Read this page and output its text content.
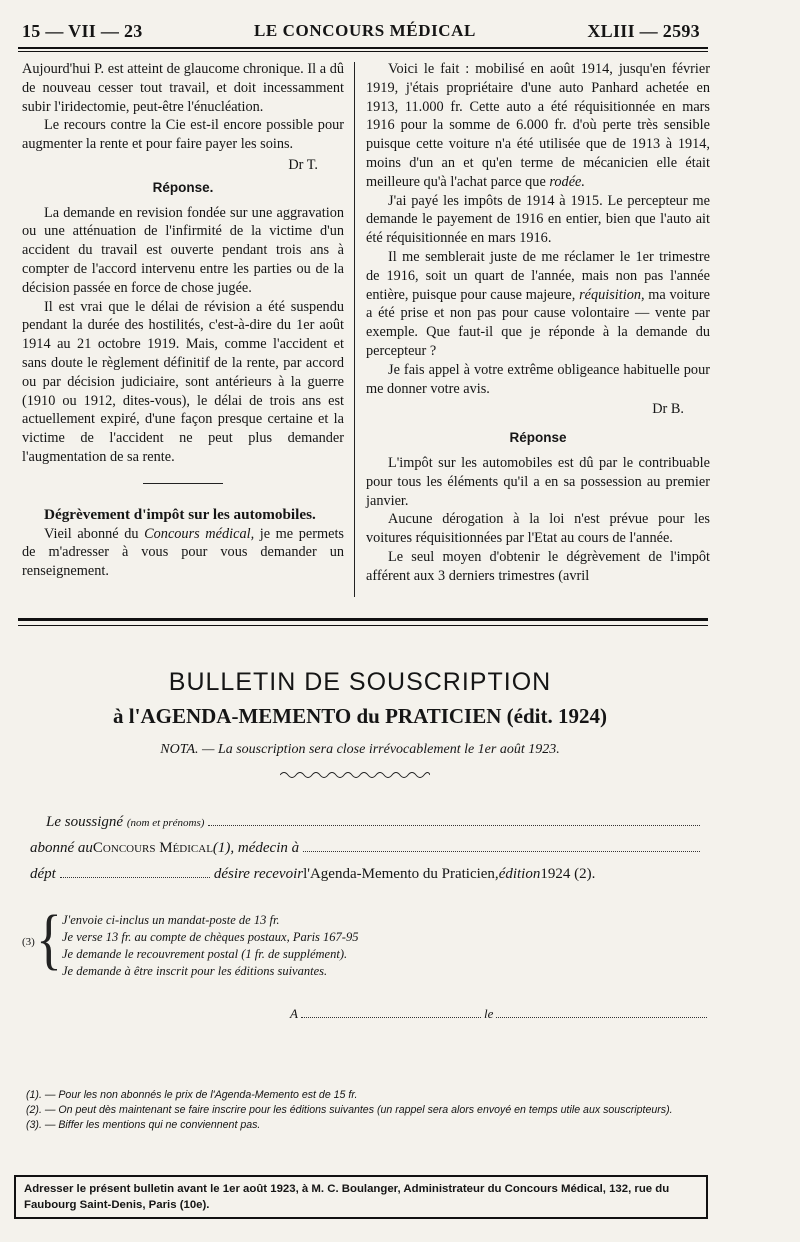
15 — VII — 23	LE CONCOURS MÉDICAL	XLIII — 2593

Aujourd'hui P. est atteint de glaucome chronique. Il a dû de nouveau cesser tout travail, et doit incessamment subir l'iridectomie, peut-être l'énucléation.

Le recours contre la Cie est-il encore possible pour augmenter la rente et pour faire payer les soins.

Dr T.
Réponse.

La demande en revision fondée sur une aggravation ou une atténuation de l'infirmité de la victime d'un accident du travail est ouverte pendant trois ans à compter de l'accord intervenu entre les parties ou de la décision passée en force de chose jugée.

Il est vrai que le délai de révision a été suspendu pendant la durée des hostilités, c'est-à-dire du 1er août 1914 au 21 octobre 1919. Mais, comme l'accident et sans doute le règlement définitif de la rente, par accord ou par décision judiciaire, sont antérieurs à la guerre (1910 ou 1912, dites-vous), le délai de trois ans est actuellement expiré, d'une façon presque certaine et la victime de l'accident ne peut plus demander l'augmentation de sa rente.

Dégrèvement d'impôt sur les automobiles.

Vieil abonné du Concours médical, je me permets de m'adresser à vous pour vous demander un renseignement.

Voici le fait : mobilisé en août 1914, jusqu'en février 1919, j'étais propriétaire d'une auto Panhard achetée en 1913, 11.000 fr. Cette auto a été réquisitionnée en mars 1916 pour la somme de 6.000 fr. d'où perte très sensible puisque cette voiture n'a été utilisée que de 1913 à 1914, moins d'un an et qu'en terme de mécanicien elle était meilleure qu'à l'achat parce que rodée.

J'ai payé les impôts de 1914 à 1915. Le percepteur me demande le payement de 1916 en entier, bien que l'auto ait été réquisitionnée en mars 1916.

Il me semblerait juste de me réclamer le 1er trimestre de 1916, soit un quart de l'année, mais non pas l'année entière, puisque pour cause majeure, réquisition, ma voiture a été prise et non pas pour cause volontaire — vente par exemple. Que faut-il que je réponde à la demande du percepteur ?

Je fais appel à votre extrême obligeance habituelle pour me donner votre avis.

Dr B.
Réponse

L'impôt sur les automobiles est dû par le contribuable pour tous les éléments qu'il a en sa possession au premier janvier.

Aucune dérogation à la loi n'est prévue pour les voitures réquisitionnées par l'Etat au cours de l'année.

Le seul moyen d'obtenir le dégrèvement de l'impôt afférent aux 3 derniers trimestres (avril

BULLETIN DE SOUSCRIPTION
à l'AGENDA-MEMENTO du PRATICIEN (édit. 1924)
NOTA. — La souscription sera close irrévocablement le 1er août 1923.
Le soussigné
(nom et prénoms)
abonné au Concours Médical (1), médecin à
dépt	désire recevoir l'Agenda-Memento du Praticien, édition 1924 (2).
(3) { J'envoie ci-inclus un mandat-poste de 13 fr.
Je verse 13 fr. au compte de chèques postaux, Paris 167-95
Je demande le recouvrement postal (1 fr. de supplément).
Je demande à être inscrit pour les éditions suivantes.
A	le
(1). — Pour les non abonnés le prix de l'Agenda-Memento est de 15 fr.
(2). — On peut dès maintenant se faire inscrire pour les éditions suivantes (un rappel sera alors envoyé en temps utile aux souscripteurs).
(3). — Biffer les mentions qui ne conviennent pas.
Adresser le présent bulletin avant le 1er août 1923, à M. C. Boulanger, Administrateur du Concours Médical, 132, rue du Faubourg Saint-Denis, Paris (10e).
